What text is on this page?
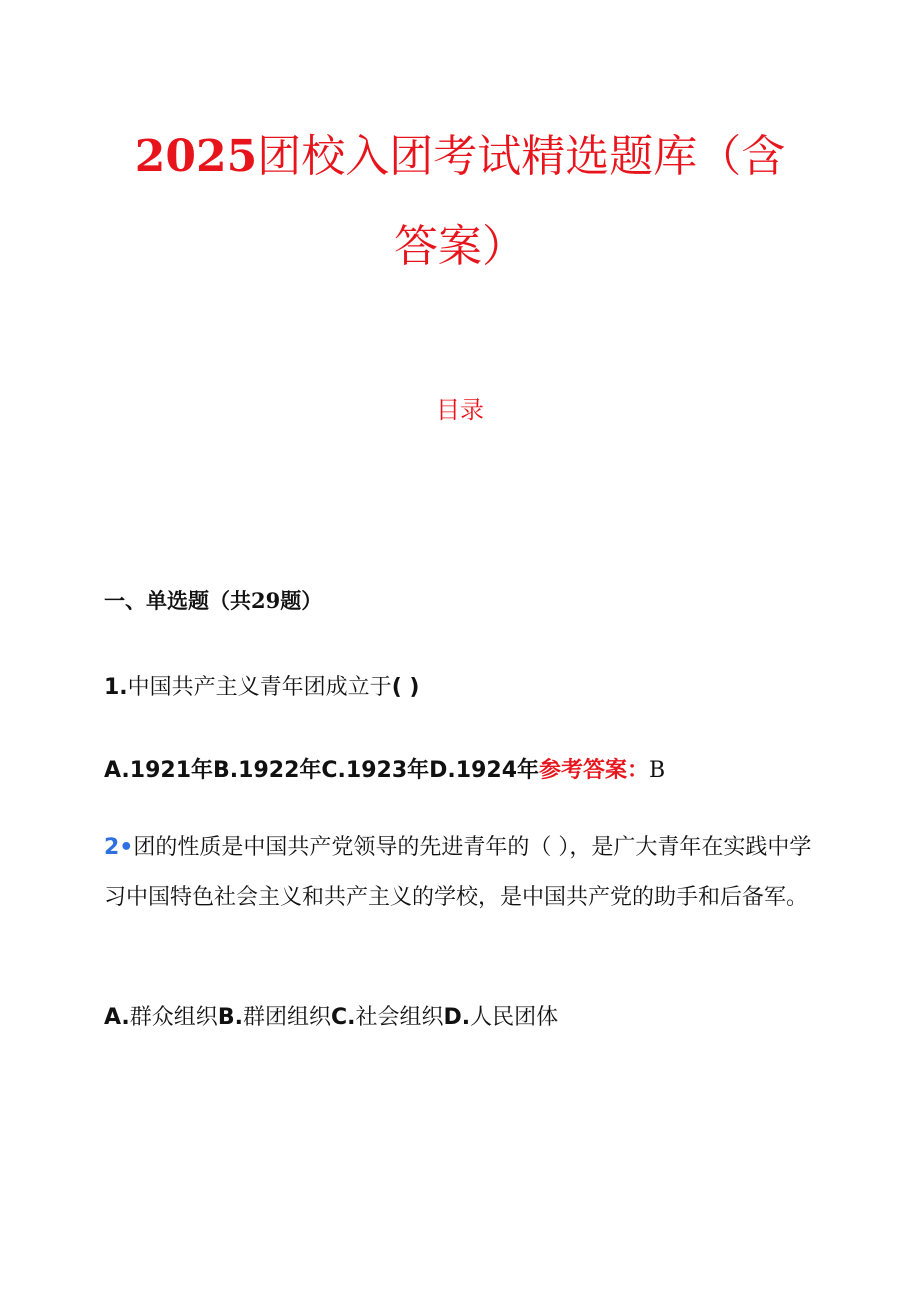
2025团校入团考试精选题库（含
答案）
目录
一、单选题（共29题）
1.中国共产主义青年团成立于( )
A.1921年B.1922年C.1923年D.1924年参考答案：B
2•团的性质是中国共产党领导的先进青年的（ ），是广大青年在实践中学习中国特色社会主义和共产主义的学校，是中国共产党的助手和后备军。
A.群众组织B.群团组织C.社会组织D.人民团体
